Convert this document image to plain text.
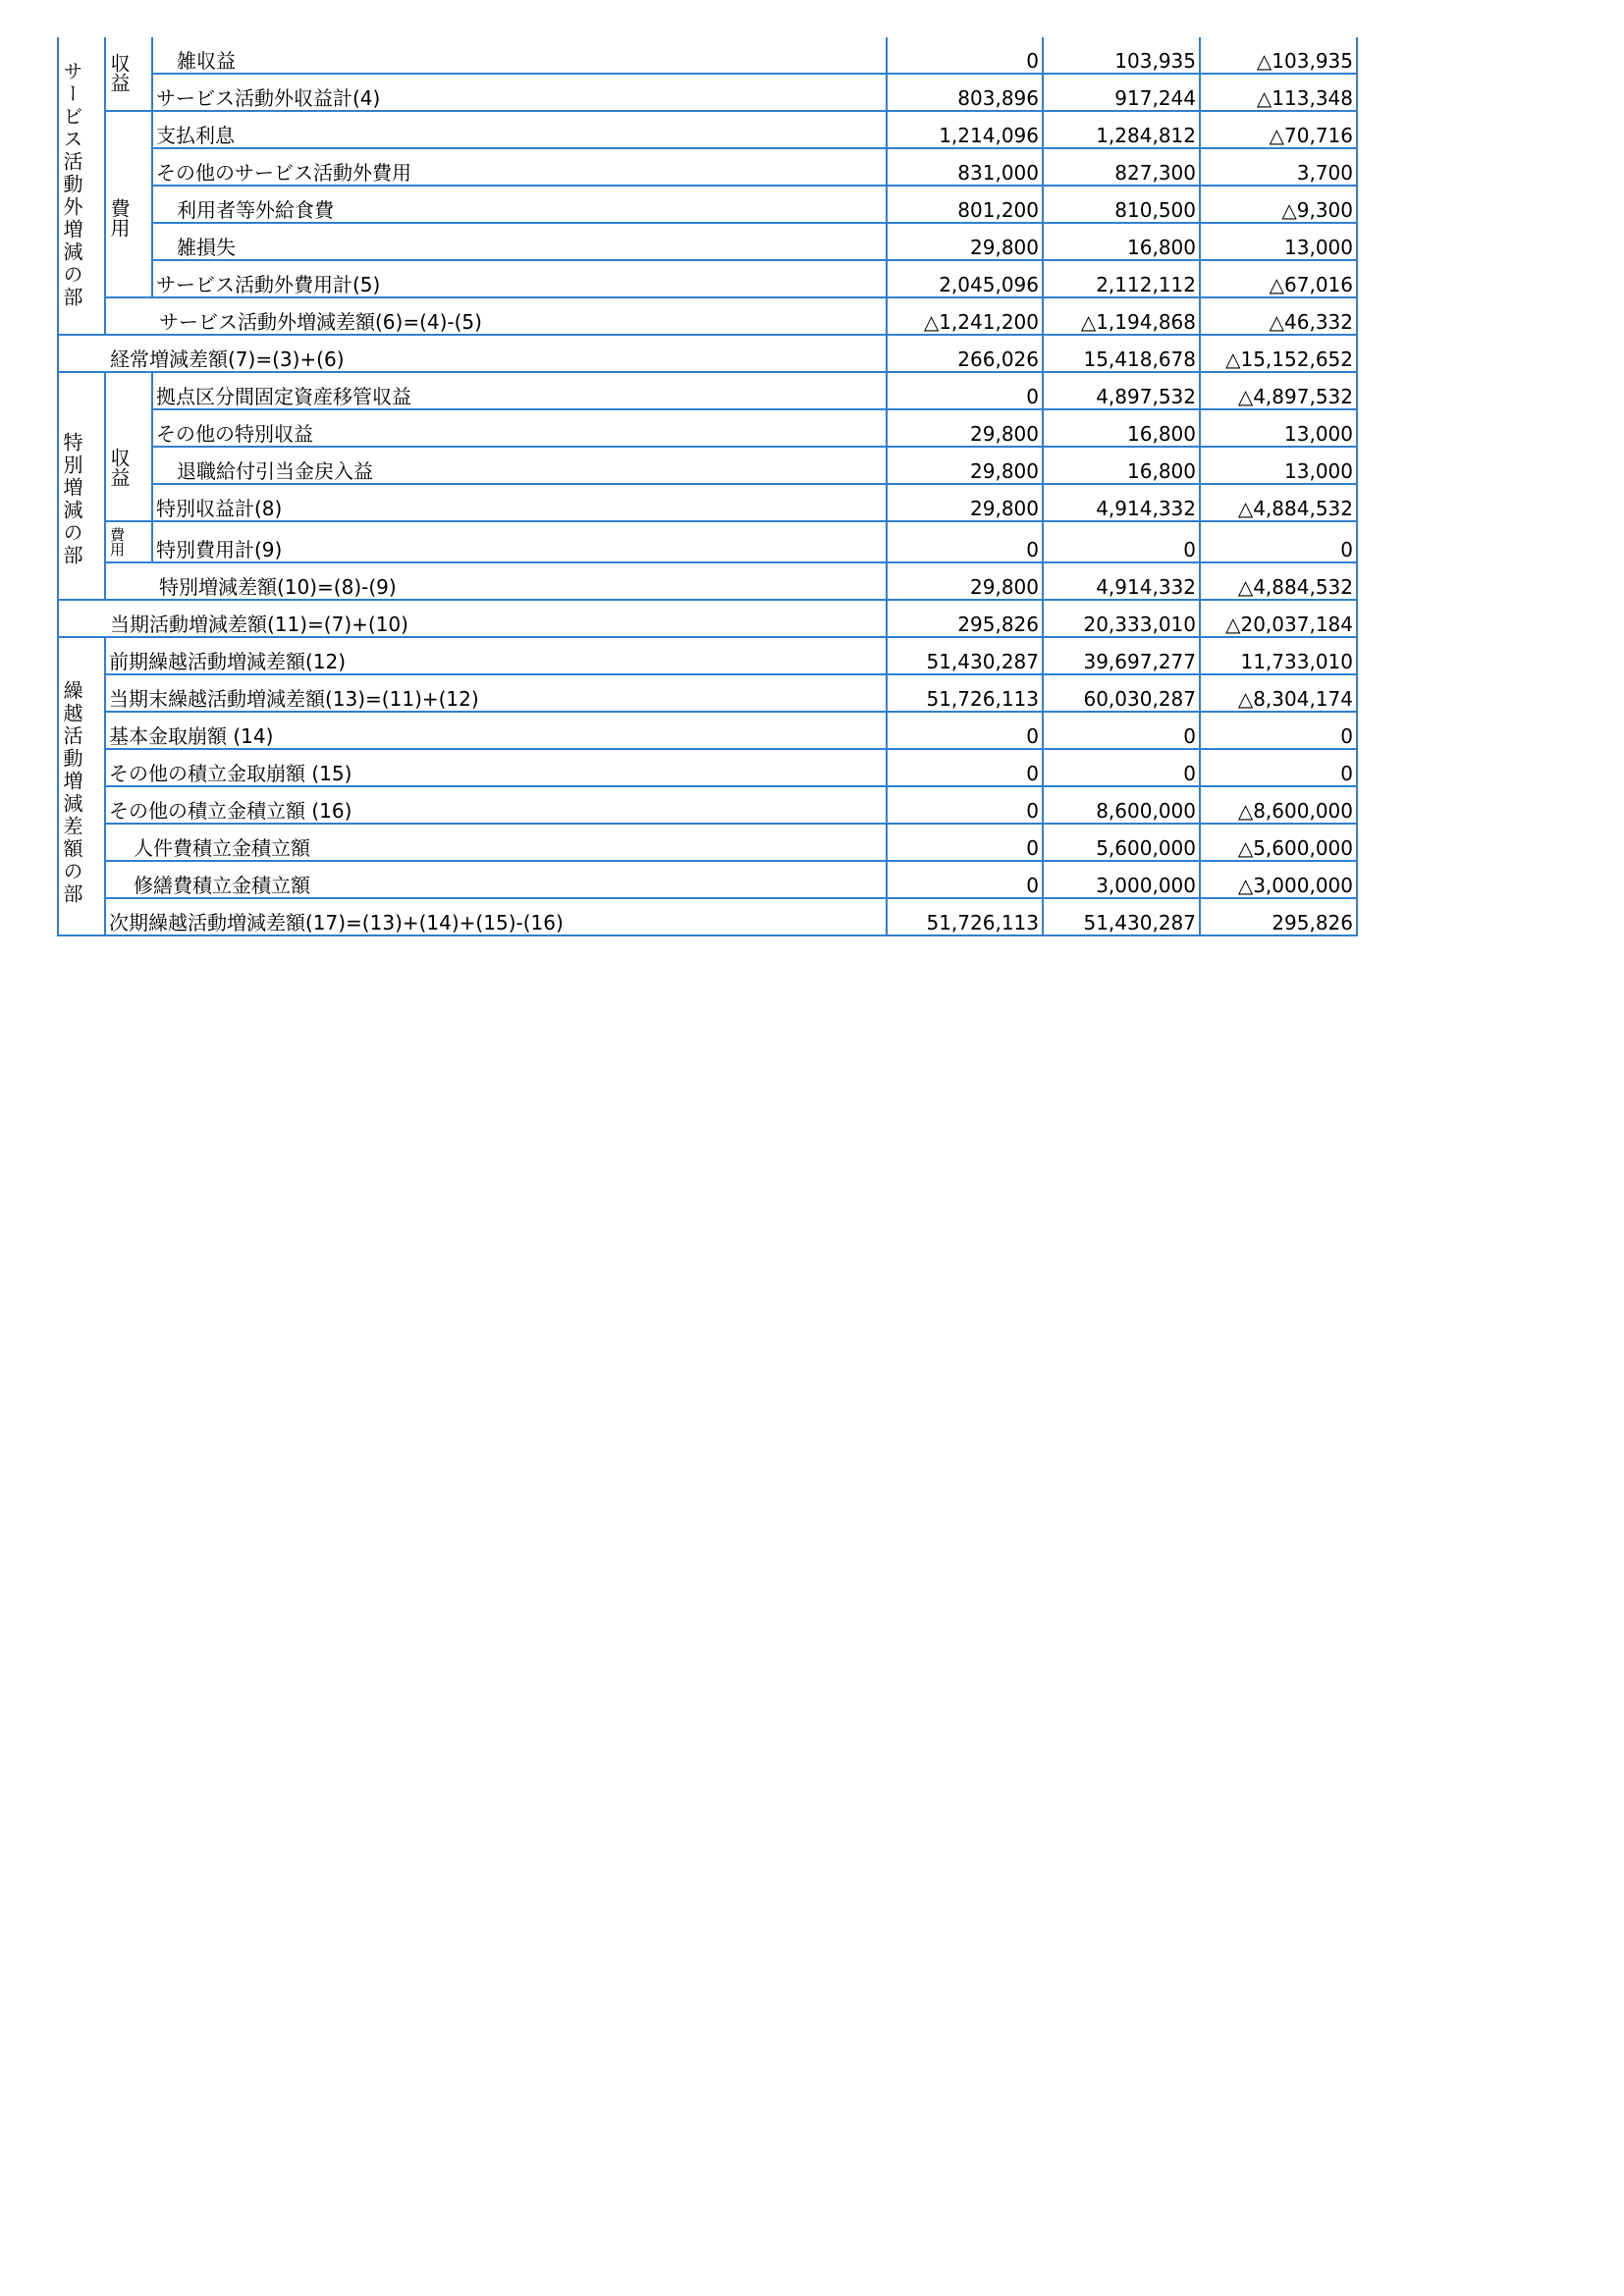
サービス活動外増減の部	収益	雑収益	0	103,935	△103,935
		サービス活動外収益計(4)	803,896	917,244	△113,348
	費用	支払利息	1,214,096	1,284,812	△70,716
		その他のサービス活動外費用	831,000	827,300	3,700
		利用者等外給食費	801,200	810,500	△9,300
		雑損失	29,800	16,800	13,000
		サービス活動外費用計(5)	2,045,096	2,112,112	△67,016
	サービス活動外増減差額(6)=(4)-(5)		△1,241,200	△1,194,868	△46,332
経常増減差額(7)=(3)+(6)			266,026	15,418,678	△15,152,652
特別増減の部	収益	拠点区分間固定資産移管収益	0	4,897,532	△4,897,532
		その他の特別収益	29,800	16,800	13,000
		退職給付引当金戻入益	29,800	16,800	13,000
		特別収益計(8)	29,800	4,914,332	△4,884,532
	費用	特別費用計(9)	0	0	0
	特別増減差額(10)=(8)-(9)		29,800	4,914,332	△4,884,532
当期活動増減差額(11)=(7)+(10)			295,826	20,333,010	△20,037,184
繰越活動増減差額の部	前期繰越活動増減差額(12)		51,430,287	39,697,277	11,733,010
	当期末繰越活動増減差額(13)=(11)+(12)		51,726,113	60,030,287	△8,304,174
	基本金取崩額 (14)		0	0	0
	その他の積立金取崩額 (15)		0	0	0
	その他の積立金積立額 (16)		0	8,600,000	△8,600,000
	人件費積立金積立額		0	5,600,000	△5,600,000
	修繕費積立金積立額		0	3,000,000	△3,000,000
	次期繰越活動増減差額(17)=(13)+(14)+(15)-(16)		51,726,113	51,430,287	295,826
